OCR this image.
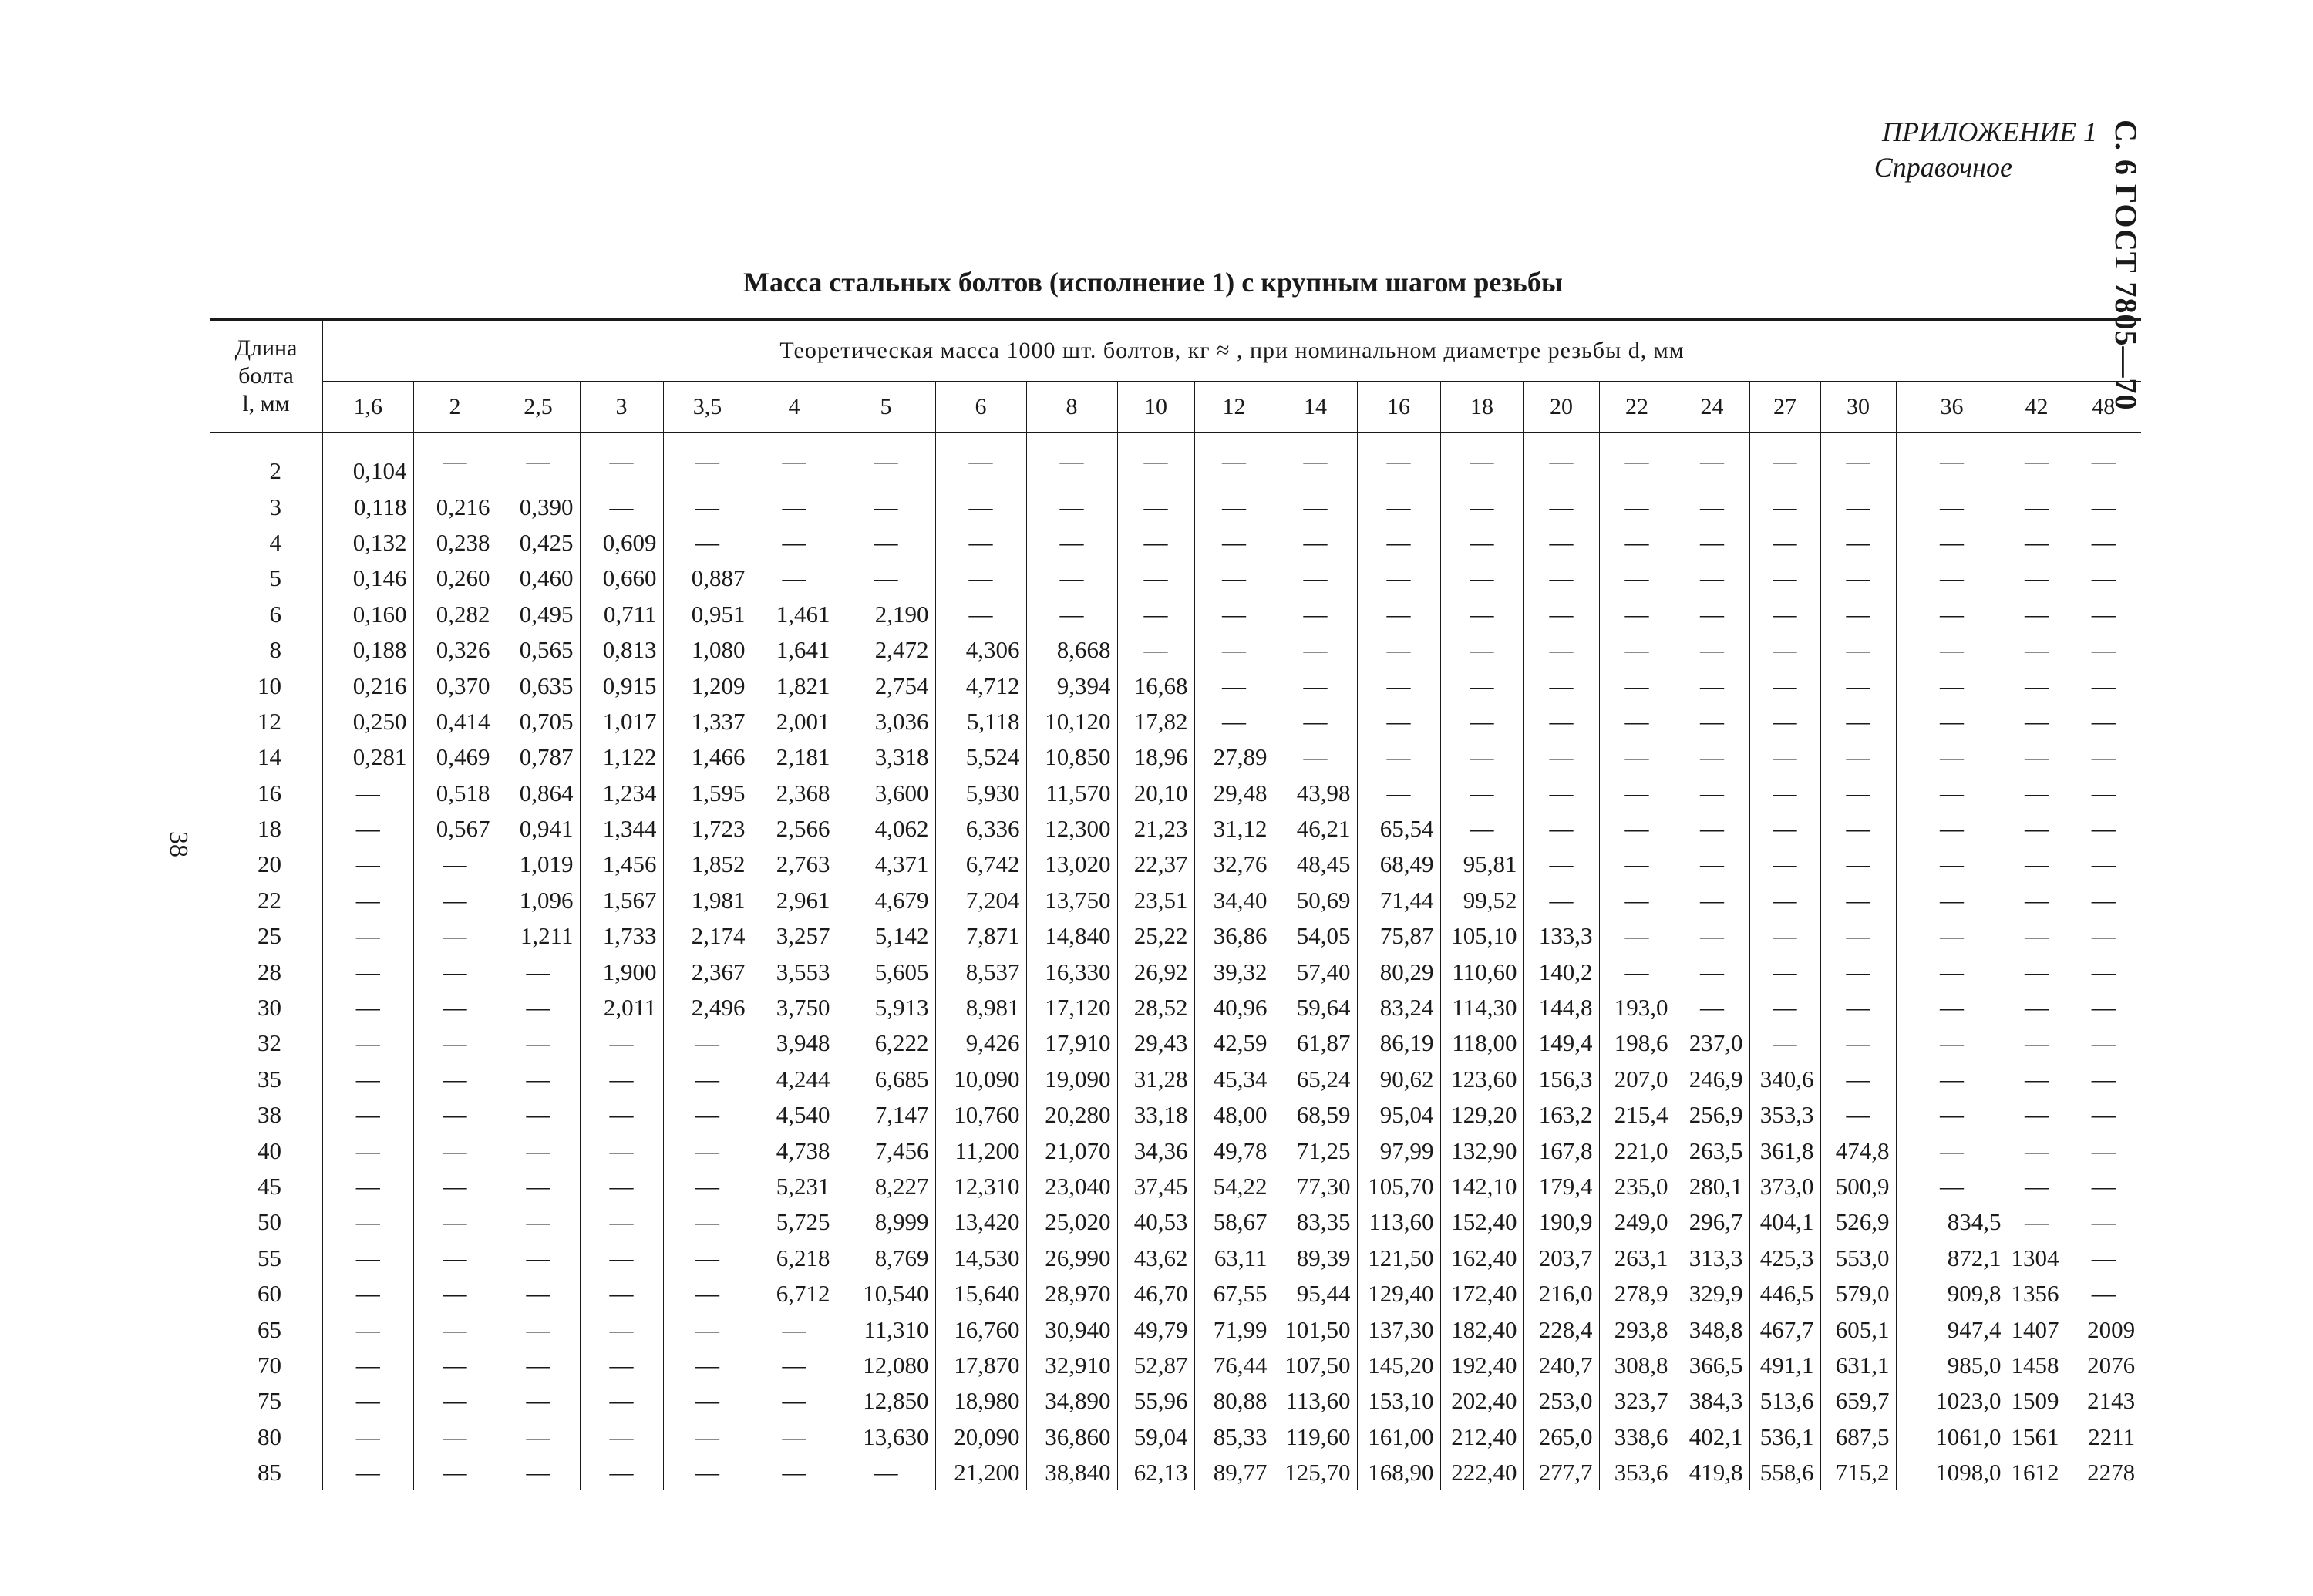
ПРИЛОЖЕНИЕ 1
Справочное	С. 6 ГОСТ 7805—70
38
Масса стальных болтов (исполнение 1) с крупным шагом резьбы
Длина
болта
l, мм	Теоретическая масса 1000 шт. болтов, кг ≈ , при номинальном диаметре резьбы d, мм																					
	1,6	2	2,5	3	3,5	4	5	6	8	10	12	14	16	18	20	22	24	27	30	36	42	48
2	0,104	—	—	—	—	—	—	—	—	—	—	—	—	—	—	—	—	—	—	—	—	—
3	0,118	0,216	0,390	—	—	—	—	—	—	—	—	—	—	—	—	—	—	—	—	—	—	—
4	0,132	0,238	0,425	0,609	—	—	—	—	—	—	—	—	—	—	—	—	—	—	—	—	—	—
5	0,146	0,260	0,460	0,660	0,887	—	—	—	—	—	—	—	—	—	—	—	—	—	—	—	—	—
6	0,160	0,282	0,495	0,711	0,951	1,461	2,190	—	—	—	—	—	—	—	—	—	—	—	—	—	—	—
8	0,188	0,326	0,565	0,813	1,080	1,641	2,472	4,306	8,668	—	—	—	—	—	—	—	—	—	—	—	—	—
10	0,216	0,370	0,635	0,915	1,209	1,821	2,754	4,712	9,394	16,68	—	—	—	—	—	—	—	—	—	—	—	—
12	0,250	0,414	0,705	1,017	1,337	2,001	3,036	5,118	10,120	17,82	—	—	—	—	—	—	—	—	—	—	—	—
14	0,281	0,469	0,787	1,122	1,466	2,181	3,318	5,524	10,850	18,96	27,89	—	—	—	—	—	—	—	—	—	—	—
16	—	0,518	0,864	1,234	1,595	2,368	3,600	5,930	11,570	20,10	29,48	43,98	—	—	—	—	—	—	—	—	—	—
18	—	0,567	0,941	1,344	1,723	2,566	4,062	6,336	12,300	21,23	31,12	46,21	65,54	—	—	—	—	—	—	—	—	—
20	—	—	1,019	1,456	1,852	2,763	4,371	6,742	13,020	22,37	32,76	48,45	68,49	95,81	—	—	—	—	—	—	—	—
22	—	—	1,096	1,567	1,981	2,961	4,679	7,204	13,750	23,51	34,40	50,69	71,44	99,52	—	—	—	—	—	—	—	—
25	—	—	1,211	1,733	2,174	3,257	5,142	7,871	14,840	25,22	36,86	54,05	75,87	105,10	133,3	—	—	—	—	—	—	—
28	—	—	—	1,900	2,367	3,553	5,605	8,537	16,330	26,92	39,32	57,40	80,29	110,60	140,2	—	—	—	—	—	—	—
30	—	—	—	2,011	2,496	3,750	5,913	8,981	17,120	28,52	40,96	59,64	83,24	114,30	144,8	193,0	—	—	—	—	—	—
32	—	—	—	—	—	3,948	6,222	9,426	17,910	29,43	42,59	61,87	86,19	118,00	149,4	198,6	237,0	—	—	—	—	—
35	—	—	—	—	—	4,244	6,685	10,090	19,090	31,28	45,34	65,24	90,62	123,60	156,3	207,0	246,9	340,6	—	—	—	—
38	—	—	—	—	—	4,540	7,147	10,760	20,280	33,18	48,00	68,59	95,04	129,20	163,2	215,4	256,9	353,3	—	—	—	—
40	—	—	—	—	—	4,738	7,456	11,200	21,070	34,36	49,78	71,25	97,99	132,90	167,8	221,0	263,5	361,8	474,8	—	—	—
45	—	—	—	—	—	5,231	8,227	12,310	23,040	37,45	54,22	77,30	105,70	142,10	179,4	235,0	280,1	373,0	500,9	—	—	—
50	—	—	—	—	—	5,725	8,999	13,420	25,020	40,53	58,67	83,35	113,60	152,40	190,9	249,0	296,7	404,1	526,9	834,5	—	—
55	—	—	—	—	—	6,218	8,769	14,530	26,990	43,62	63,11	89,39	121,50	162,40	203,7	263,1	313,3	425,3	553,0	872,1	1304	—
60	—	—	—	—	—	6,712	10,540	15,640	28,970	46,70	67,55	95,44	129,40	172,40	216,0	278,9	329,9	446,5	579,0	909,8	1356	—
65	—	—	—	—	—	—	11,310	16,760	30,940	49,79	71,99	101,50	137,30	182,40	228,4	293,8	348,8	467,7	605,1	947,4	1407	2009
70	—	—	—	—	—	—	12,080	17,870	32,910	52,87	76,44	107,50	145,20	192,40	240,7	308,8	366,5	491,1	631,1	985,0	1458	2076
75	—	—	—	—	—	—	12,850	18,980	34,890	55,96	80,88	113,60	153,10	202,40	253,0	323,7	384,3	513,6	659,7	1023,0	1509	2143
80	—	—	—	—	—	—	13,630	20,090	36,860	59,04	85,33	119,60	161,00	212,40	265,0	338,6	402,1	536,1	687,5	1061,0	1561	2211
85	—	—	—	—	—	—	—	21,200	38,840	62,13	89,77	125,70	168,90	222,40	277,7	353,6	419,8	558,6	715,2	1098,0	1612	2278
